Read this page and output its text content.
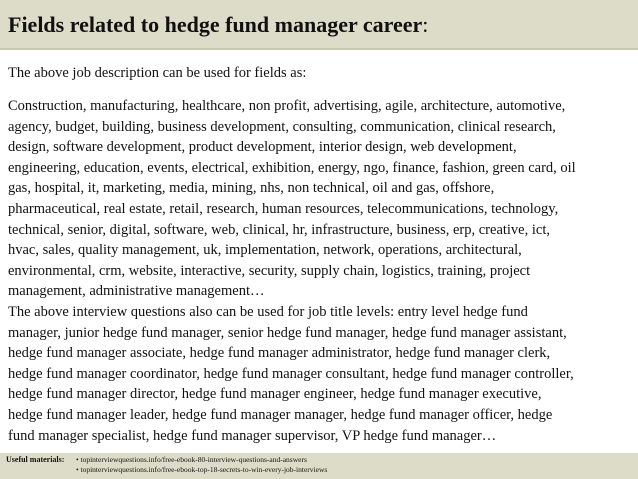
Fields related to hedge fund manager career:
The above job description can be used for fields as:

Construction, manufacturing, healthcare, non profit, advertising, agile, architecture, automotive,
agency, budget, building, business development, consulting, communication, clinical research,
design, software development, product development, interior design, web development,
engineering, education, events, electrical, exhibition, energy, ngo, finance, fashion, green card, oil
gas, hospital, it, marketing, media, mining, nhs, non technical, oil and gas, offshore,
pharmaceutical, real estate, retail, research, human resources, telecommunications, technology,
technical, senior, digital, software, web, clinical, hr, infrastructure, business, erp, creative, ict,
hvac, sales, quality management, uk, implementation, network, operations, architectural,
environmental, crm, website, interactive, security, supply chain, logistics, training, project
management, administrative management…

The above interview questions also can be used for job title levels: entry level hedge fund
manager, junior hedge fund manager, senior hedge fund manager, hedge fund manager assistant,
hedge fund manager associate, hedge fund manager administrator, hedge fund manager clerk,
hedge fund manager coordinator, hedge fund manager consultant, hedge fund manager controller,
hedge fund manager director, hedge fund manager engineer, hedge fund manager executive,
hedge fund manager leader, hedge fund manager manager, hedge fund manager officer, hedge
fund manager specialist, hedge fund manager supervisor, VP hedge fund manager…

Useful materials: • topinterviewquestions.info/free-ebook-80-interview-questions-and-answers
• topinterviewquestions.info/free-ebook-top-18-secrets-to-win-every-job-interviews
